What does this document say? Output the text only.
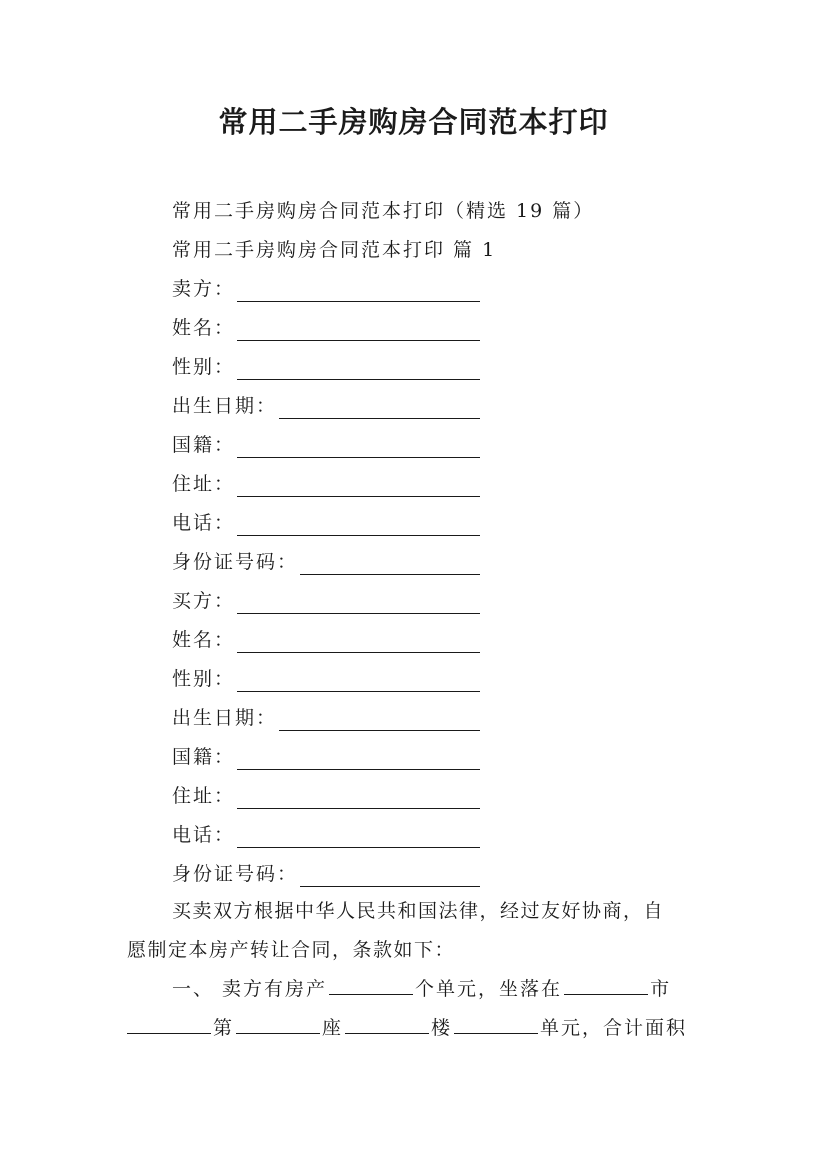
常用二手房购房合同范本打印
常用二手房购房合同范本打印（精选 19 篇）
常用二手房购房合同范本打印 篇 1
卖方：
姓名：
性别：
出生日期：
国籍：
住址：
电话：
身份证号码：
买方：
姓名：
性别：
出生日期：
国籍：
住址：
电话：
身份证号码：
买卖双方根据中华人民共和国法律，经过友好协商，自
愿制定本房产转让合同，条款如下：
一、 卖方有房产	个单元，坐落在	市
第	座	楼	单元，合计面积
